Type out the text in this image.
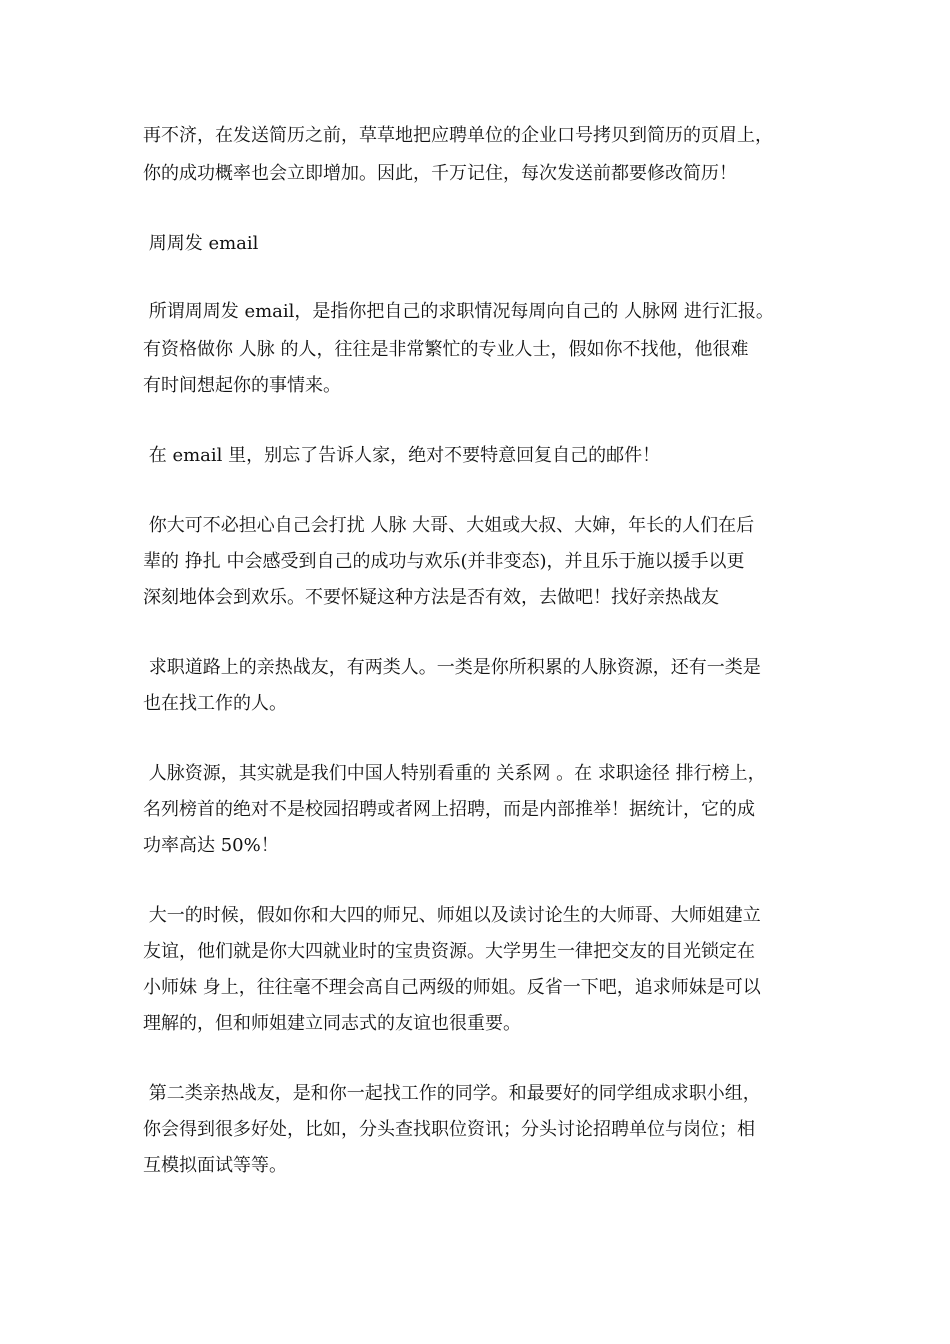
再不济，在发送简历之前，草草地把应聘单位的企业口号拷贝到简历的页眉上，

你的成功概率也会立即增加。因此，千万记住，每次发送前都要修改简历！

周周发 email

所谓周周发 email，是指你把自己的求职情况每周向自己的 人脉网 进行汇报。

有资格做你 人脉 的人，往往是非常繁忙的专业人士，假如你不找他，他很难

有时间想起你的事情来。

在 email 里，别忘了告诉人家，绝对不要特意回复自己的邮件！

你大可不必担心自己会打扰 人脉 大哥、大姐或大叔、大婶，年长的人们在后

辈的 挣扎 中会感受到自己的成功与欢乐(并非变态)，并且乐于施以援手以更

深刻地体会到欢乐。不要怀疑这种方法是否有效，去做吧！找好亲热战友

求职道路上的亲热战友，有两类人。一类是你所积累的人脉资源，还有一类是

也在找工作的人。

人脉资源，其实就是我们中国人特别看重的 关系网 。在 求职途径 排行榜上，

名列榜首的绝对不是校园招聘或者网上招聘，而是内部推举！据统计，它的成

功率高达 50%！

大一的时候，假如你和大四的师兄、师姐以及读讨论生的大师哥、大师姐建立

友谊，他们就是你大四就业时的宝贵资源。大学男生一律把交友的目光锁定在

小师妹 身上，往往毫不理会高自己两级的师姐。反省一下吧，追求师妹是可以

理解的，但和师姐建立同志式的友谊也很重要。

第二类亲热战友，是和你一起找工作的同学。和最要好的同学组成求职小组，

你会得到很多好处，比如，分头查找职位资讯；分头讨论招聘单位与岗位；相

互模拟面试等等。
